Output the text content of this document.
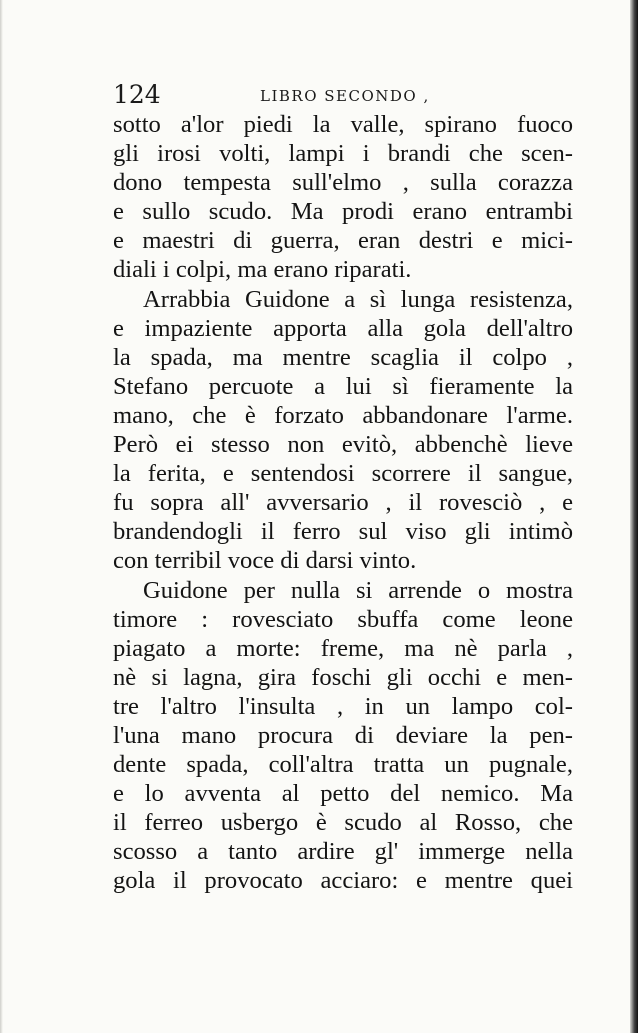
124	LIBRO SECONDO ,
sotto a'lor piedi la valle, spirano fuoco
gli irosi volti, lampi i brandi che scen-
dono tempesta sull'elmo , sulla corazza
e sullo scudo. Ma prodi erano entrambi
e maestri di guerra, eran destri e mici-
diali i colpi, ma erano riparati.
Arrabbia Guidone a sì lunga resistenza,
e impaziente apporta alla gola dell'altro
la spada, ma mentre scaglia il colpo ,
Stefano percuote a lui sì fieramente la
mano, che è forzato abbandonare l'arme.
Però ei stesso non evitò, abbenchè lieve
la ferita, e sentendosi scorrere il sangue,
fu sopra all' avversario , il rovesciò , e
brandendogli il ferro sul viso gli intimò
con terribil voce di darsi vinto.
Guidone per nulla si arrende o mostra
timore : rovesciato sbuffa come leone
piagato a morte: freme, ma nè parla ,
nè si lagna, gira foschi gli occhi e men-
tre l'altro l'insulta , in un lampo col-
l'una mano procura di deviare la pen-
dente spada, coll'altra tratta un pugnale,
e lo avventa al petto del nemico. Ma
il ferreo usbergo è scudo al Rosso, che
scosso a tanto ardire gl' immerge nella
gola il provocato acciaro: e mentre quei
